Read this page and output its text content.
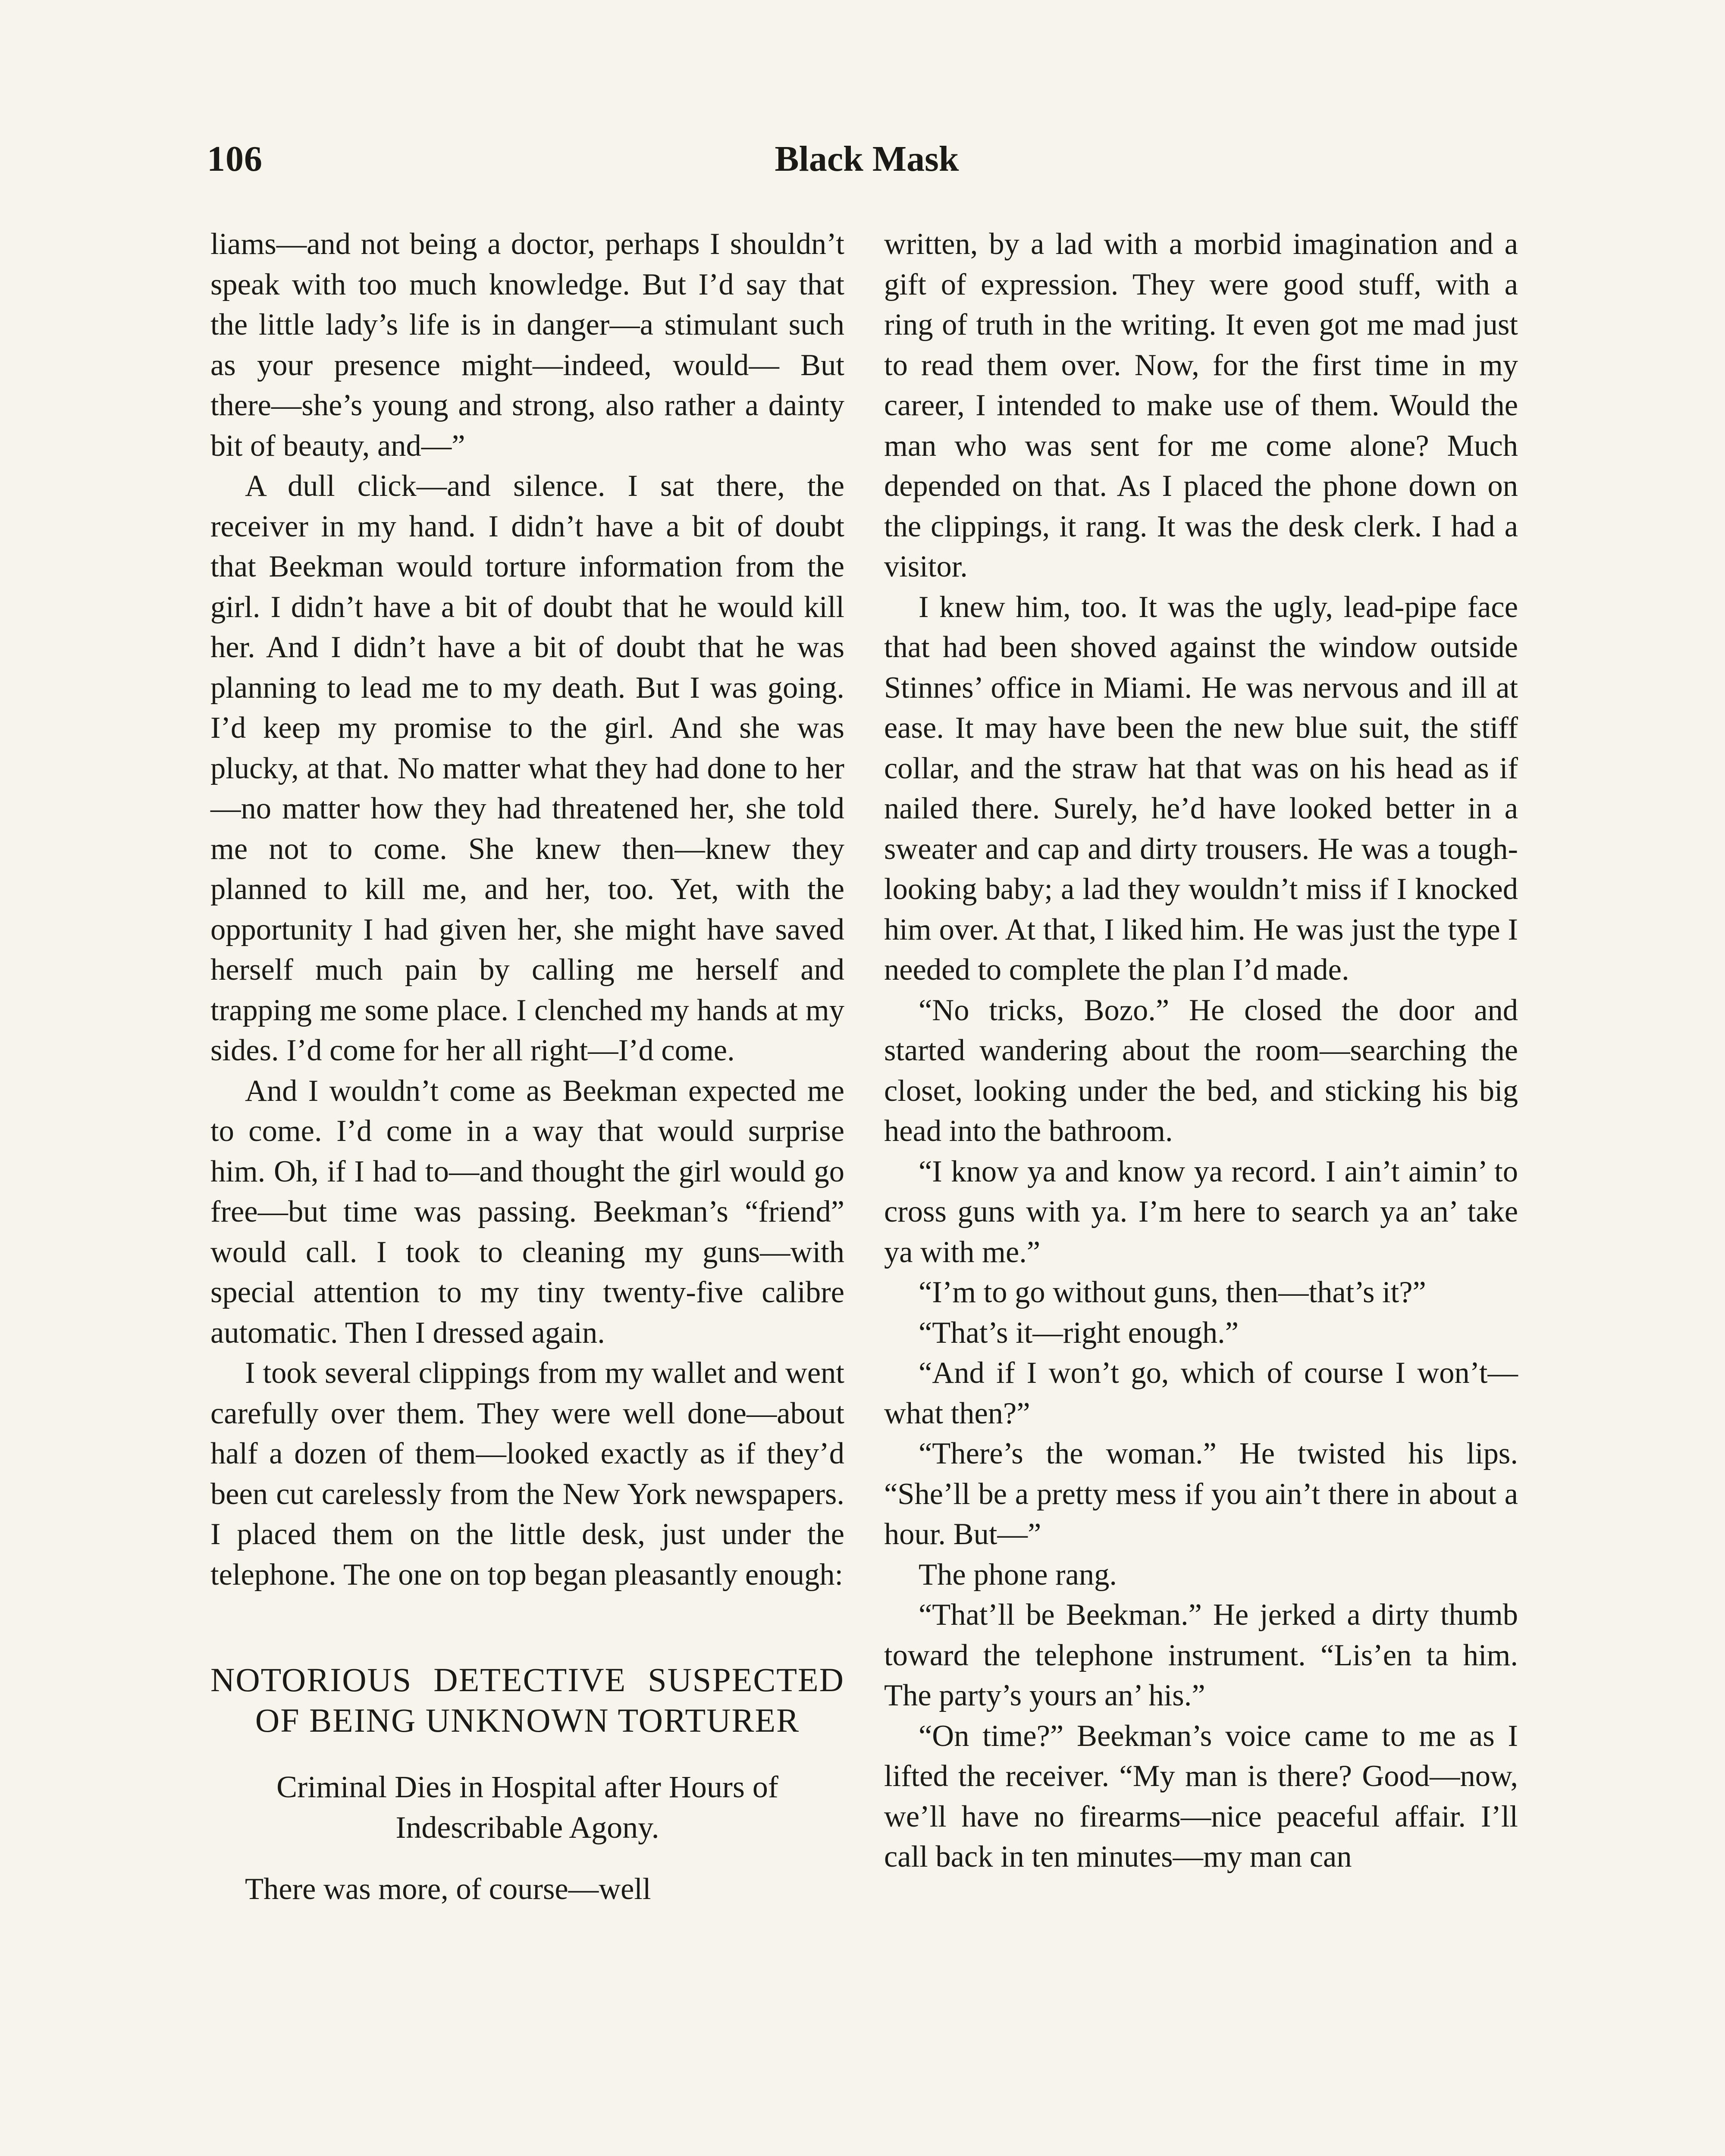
106	Black Mask

liams—and not being a doctor, perhaps I shouldn’t speak with too much knowledge. But I’d say that the little lady’s life is in danger—a stimulant such as your presence might—indeed, would— But there—she’s young and strong, also rather a dainty bit of beauty, and—”

A dull click—and silence. I sat there, the receiver in my hand. I didn’t have a bit of doubt that Beekman would torture information from the girl. I didn’t have a bit of doubt that he would kill her. And I didn’t have a bit of doubt that he was planning to lead me to my death. But I was going. I’d keep my promise to the girl. And she was plucky, at that. No matter what they had done to her—no matter how they had threatened her, she told me not to come. She knew then—knew they planned to kill me, and her, too. Yet, with the opportunity I had given her, she might have saved herself much pain by calling me herself and trapping me some place. I clenched my hands at my sides. I’d come for her all right—I’d come.

And I wouldn’t come as Beekman expected me to come. I’d come in a way that would surprise him. Oh, if I had to—and thought the girl would go free—but time was passing. Beekman’s “friend” would call. I took to cleaning my guns—with special attention to my tiny twenty-five calibre automatic. Then I dressed again.

I took several clippings from my wallet and went carefully over them. They were well done—about half a dozen of them—looked exactly as if they’d been cut carelessly from the New York newspapers. I placed them on the little desk, just under the telephone. The one on top began pleasantly enough:

NOTORIOUS DETECTIVE SUSPECTED OF BEING UNKNOWN TORTURER
Criminal Dies in Hospital after Hours of Indescribable Agony.

There was more, of course—well

written, by a lad with a morbid imagination and a gift of expression. They were good stuff, with a ring of truth in the writing. It even got me mad just to read them over. Now, for the first time in my career, I intended to make use of them. Would the man who was sent for me come alone? Much depended on that. As I placed the phone down on the clippings, it rang. It was the desk clerk. I had a visitor.

I knew him, too. It was the ugly, lead-pipe face that had been shoved against the window outside Stinnes’ office in Miami. He was nervous and ill at ease. It may have been the new blue suit, the stiff collar, and the straw hat that was on his head as if nailed there. Surely, he’d have looked better in a sweater and cap and dirty trousers. He was a tough-looking baby; a lad they wouldn’t miss if I knocked him over. At that, I liked him. He was just the type I needed to complete the plan I’d made.

“No tricks, Bozo.” He closed the door and started wandering about the room—searching the closet, looking under the bed, and sticking his big head into the bathroom.

“I know ya and know ya record. I ain’t aimin’ to cross guns with ya. I’m here to search ya an’ take ya with me.”

“I’m to go without guns, then—that’s it?”

“That’s it—right enough.”

“And if I won’t go, which of course I won’t—what then?”

“There’s the woman.” He twisted his lips. “She’ll be a pretty mess if you ain’t there in about a hour. But—”

The phone rang.

“That’ll be Beekman.” He jerked a dirty thumb toward the telephone instrument. “Lis’en ta him. The party’s yours an’ his.”

“On time?” Beekman’s voice came to me as I lifted the receiver. “My man is there? Good—now, we’ll have no firearms—nice peaceful affair. I’ll call back in ten minutes—my man can
